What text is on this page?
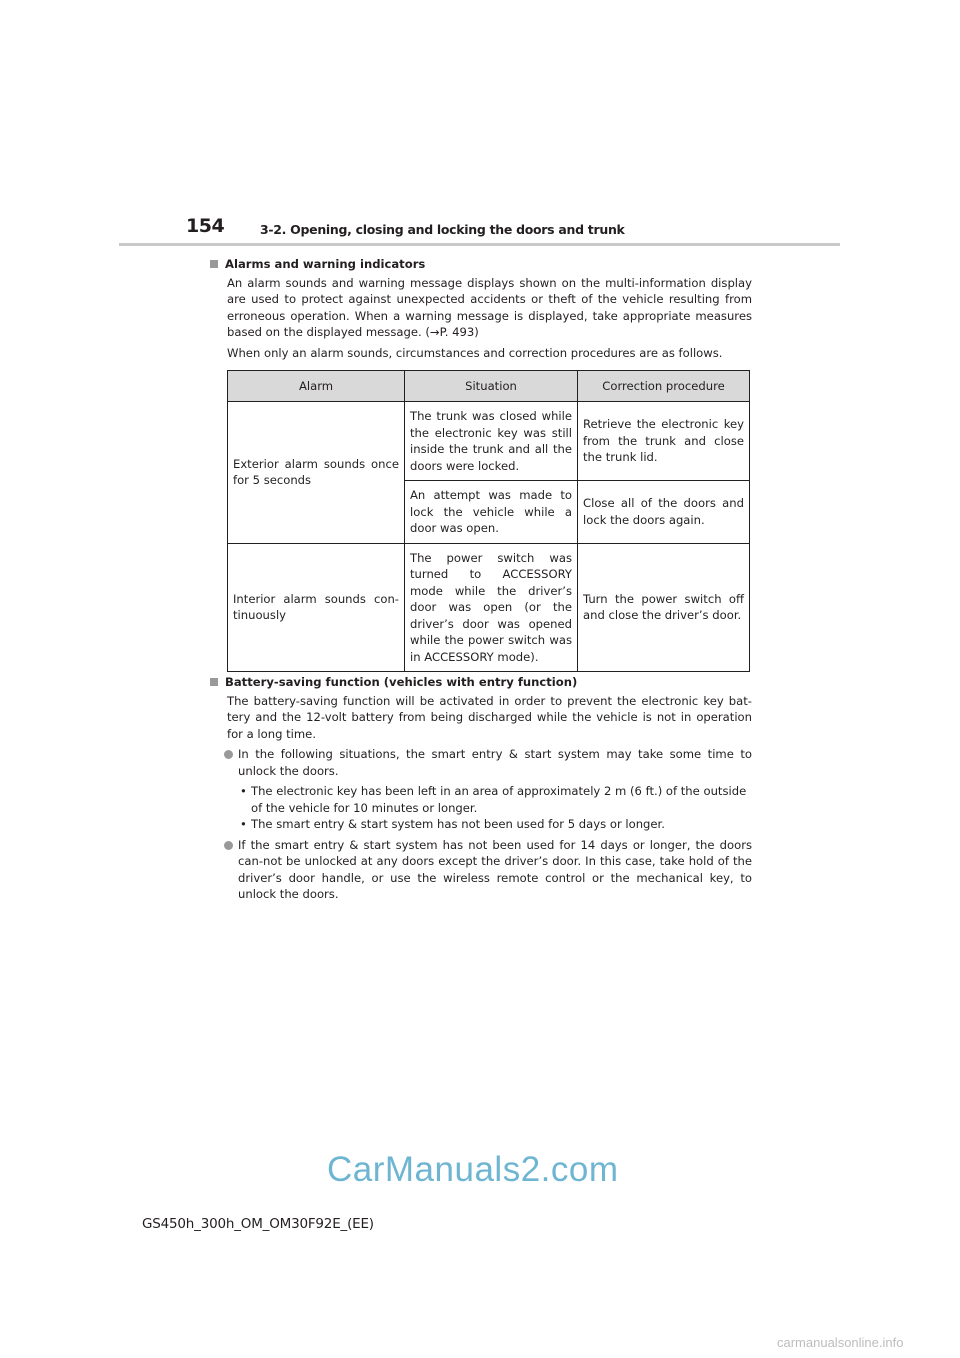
154	3-2. Opening, closing and locking the doors and trunk
Alarms and warning indicators

An alarm sounds and warning message displays shown on the multi-information display are used to protect against unexpected accidents or theft of the vehicle resulting from erroneous operation. When a warning message is displayed, take appropriate measures based on the displayed message. (→P. 493)

When only an alarm sounds, circumstances and correction procedures are as follows.

Alarm	Situation	Correction procedure
Exterior alarm sounds once for 5 seconds	The trunk was closed while the electronic key was still inside the trunk and all the doors were locked.	Retrieve the electronic key from the trunk and close the trunk lid.
	An attempt was made to lock the vehicle while a door was open.	Close all of the doors and lock the doors again.
Interior alarm sounds con-tinuously	The power switch was turned to ACCESSORY mode while the driver’s door was open (or the driver’s door was opened while the power switch was in ACCESSORY mode).	Turn the power switch off and close the driver’s door.
Battery-saving function (vehicles with entry function)

The battery-saving function will be activated in order to prevent the electronic key bat-tery and the 12-volt battery from being discharged while the vehicle is not in operation for a long time.

In the following situations, the smart entry & start system may take some time to unlock the doors.
• The electronic key has been left in an area of approximately 2 m (6 ft.) of the outside of the vehicle for 10 minutes or longer.
• The smart entry & start system has not been used for 5 days or longer.
If the smart entry & start system has not been used for 14 days or longer, the doors can-not be unlocked at any doors except the driver’s door. In this case, take hold of the driver’s door handle, or use the wireless remote control or the mechanical key, to unlock the doors.
CarManuals2.com
GS450h_300h_OM_OM30F92E_(EE)
carmanualsonline.info
